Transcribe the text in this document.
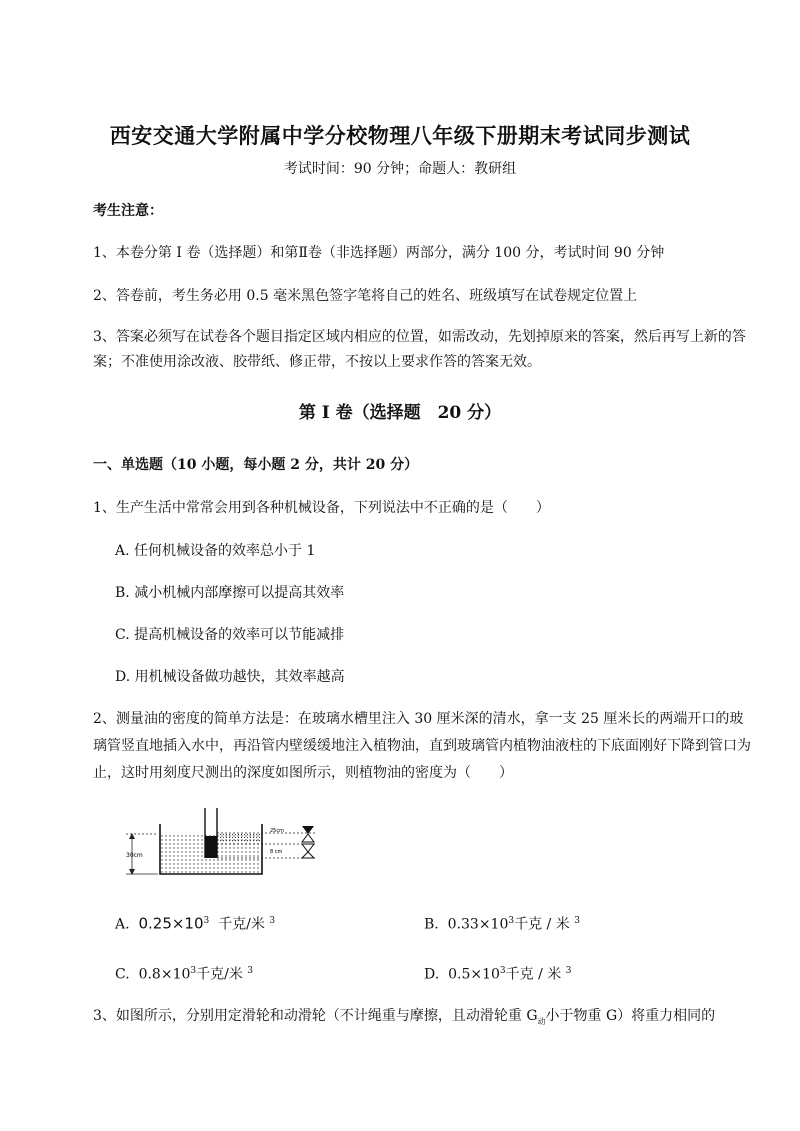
西安交通大学附属中学分校物理八年级下册期末考试同步测试
考试时间：90 分钟；命题人：教研组
考生注意：
1、本卷分第 I 卷（选择题）和第Ⅱ卷（非选择题）两部分，满分 100 分，考试时间 90 分钟
2、答卷前，考生务必用 0.5 毫米黑色签字笔将自己的姓名、班级填写在试卷规定位置上
3、答案必须写在试卷各个题目指定区域内相应的位置，如需改动，先划掉原来的答案，然后再写上新的答案；不准使用涂改液、胶带纸、修正带，不按以上要求作答的答案无效。
第 I 卷（选择题　20 分）
一、单选题（10 小题，每小题 2 分，共计 20 分）
1、生产生活中常常会用到各种机械设备，下列说法中不正确的是（　　）
A. 任何机械设备的效率总小于 1
B. 减小机械内部摩擦可以提高其效率
C. 提高机械设备的效率可以节能减排
D. 用机械设备做功越快，其效率越高
2、测量油的密度的简单方法是：在玻璃水槽里注入 30 厘米深的清水，拿一支 25 厘米长的两端开口的玻璃管竖直地插入水中，再沿管内壁缓缓地注入植物油，直到玻璃管内植物油液柱的下底面刚好下降到管口为止，这时用刻度尺测出的深度如图所示，则植物油的密度为（　　）
30cm
25cm
8 cm
A. $0.25\times 10^3$ 千克/米 $^3$	B. $0.33\times 10^3$千克 / 米 $^3$
C. $0.8\times 10^3$千克/米 $^3$	D. $0.5\times 10^3$千克 / 米 $^3$
3、如图所示，分别用定滑轮和动滑轮（不计绳重与摩擦，且动滑轮重 $G_动$小于物重 G）将重力相同的
